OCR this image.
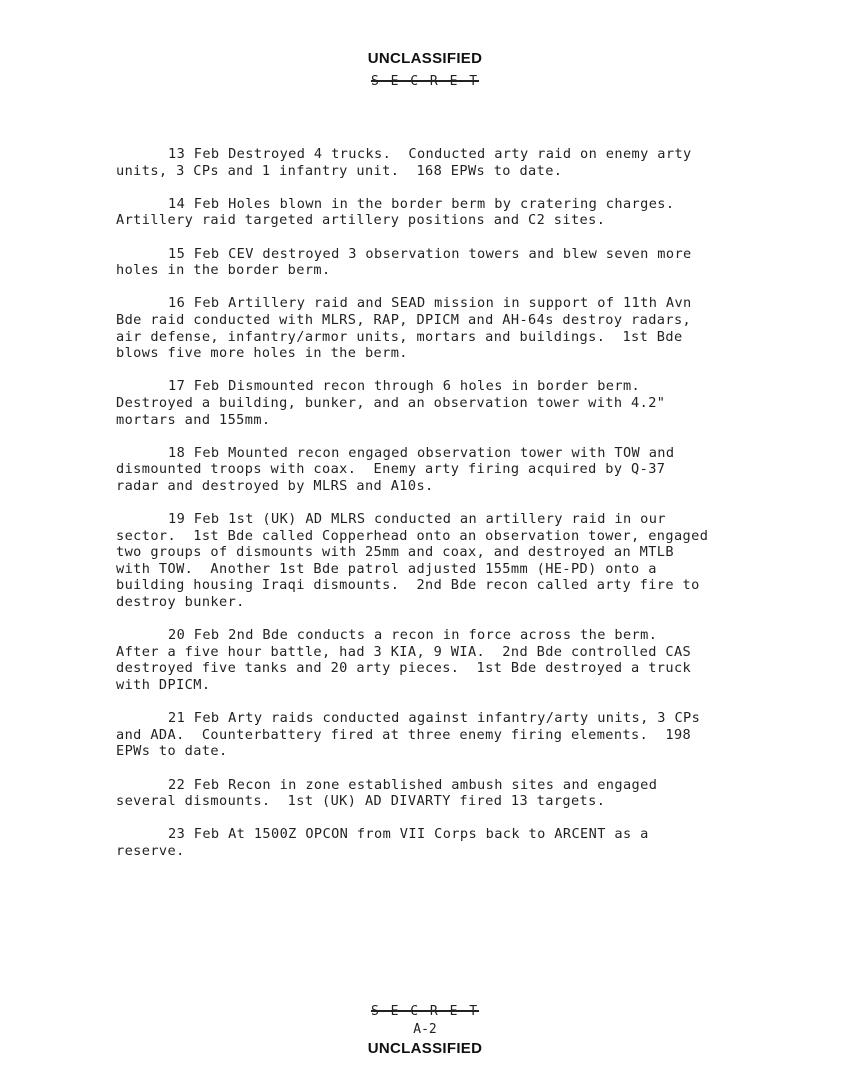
UNCLASSIFIED
S E C R E T

13 Feb Destroyed 4 trucks.  Conducted arty raid on enemy arty units, 3 CPs and 1 infantry unit.  168 EPWs to date.

14 Feb Holes blown in the border berm by cratering charges.  Artillery raid targeted artillery positions and C2 sites.

15 Feb CEV destroyed 3 observation towers and blew seven more holes in the border berm.

16 Feb Artillery raid and SEAD mission in support of 11th Avn Bde raid conducted with MLRS, RAP, DPICM and AH-64s destroy radars, air defense, infantry/armor units, mortars and buildings.  1st Bde blows five more holes in the berm.

17 Feb Dismounted recon through 6 holes in border berm.  Destroyed a building, bunker, and an observation tower with 4.2" mortars and 155mm.

18 Feb Mounted recon engaged observation tower with TOW and dismounted troops with coax.  Enemy arty firing acquired by Q-37 radar and destroyed by MLRS and A10s.

19 Feb 1st (UK) AD MLRS conducted an artillery raid in our sector.  1st Bde called Copperhead onto an observation tower, engaged two groups of dismounts with 25mm and coax, and destroyed an MTLB with TOW.  Another 1st Bde patrol adjusted 155mm (HE-PD) onto a building housing Iraqi dismounts.  2nd Bde recon called arty fire to destroy bunker.

20 Feb 2nd Bde conducts a recon in force across the berm.  After a five hour battle, had 3 KIA, 9 WIA.  2nd Bde controlled CAS destroyed five tanks and 20 arty pieces.  1st Bde destroyed a truck with DPICM.

21 Feb Arty raids conducted against infantry/arty units, 3 CPs and ADA.  Counterbattery fired at three enemy firing elements.  198 EPWs to date.

22 Feb Recon in zone established ambush sites and engaged several dismounts.  1st (UK) AD DIVARTY fired 13 targets.

23 Feb At 1500Z OPCON from VII Corps back to ARCENT as a reserve.

S E C R E T
A-2
UNCLASSIFIED
